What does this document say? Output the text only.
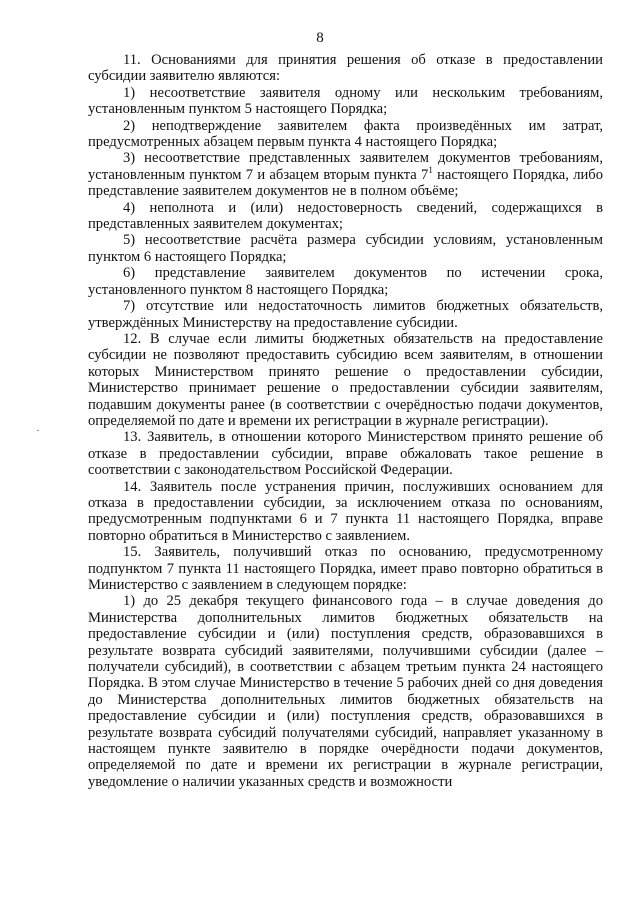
8

11. Основаниями для принятия решения об отказе в предоставлении субсидии заявителю являются:

1) несоответствие заявителя одному или нескольким требованиям, установленным пунктом 5 настоящего Порядка;

2) неподтверждение заявителем факта произведённых им затрат, предусмотренных абзацем первым пункта 4 настоящего Порядка;

3) несоответствие представленных заявителем документов требованиям, установленным пунктом 7 и абзацем вторым пункта $7^1$ настоящего Порядка, либо представление заявителем документов не в полном объёме;

4) неполнота и (или) недостоверность сведений, содержащихся в представленных заявителем документах;

5) несоответствие расчёта размера субсидии условиям, установленным пунктом 6 настоящего Порядка;

6) представление заявителем документов по истечении срока, установленного пунктом 8 настоящего Порядка;

7) отсутствие или недостаточность лимитов бюджетных обязательств, утверждённых Министерству на предоставление субсидии.

12. В случае если лимиты бюджетных обязательств на предоставление субсидии не позволяют предоставить субсидию всем заявителям, в отношении которых Министерством принято решение о предоставлении субсидии, Министерство принимает решение о предоставлении субсидии заявителям, подавшим документы ранее (в соответствии с очерёдностью подачи документов, определяемой по дате и времени их регистрации в журнале регистрации).

13. Заявитель, в отношении которого Министерством принято решение об отказе в предоставлении субсидии, вправе обжаловать такое решение в соответствии с законодательством Российской Федерации.

14. Заявитель после устранения причин, послуживших основанием для отказа в предоставлении субсидии, за исключением отказа по основаниям, предусмотренным подпунктами 6 и 7 пункта 11 настоящего Порядка, вправе повторно обратиться в Министерство с заявлением.

15. Заявитель, получивший отказ по основанию, предусмотренному подпунктом 7 пункта 11 настоящего Порядка, имеет право повторно обратиться в Министерство с заявлением в следующем порядке:

1) до 25 декабря текущего финансового года – в случае доведения до Министерства дополнительных лимитов бюджетных обязательств на предоставление субсидии и (или) поступления средств, образовавшихся в результате возврата субсидий заявителями, получившими субсидии (далее – получатели субсидий), в соответствии с абзацем третьим пункта 24 настоящего Порядка. В этом случае Министерство в течение 5 рабочих дней со дня доведения до Министерства дополнительных лимитов бюджетных обязательств на предоставление субсидии и (или) поступления средств, образовавшихся в результате возврата субсидий получателями субсидий, направляет указанному в настоящем пункте заявителю в порядке очерёдности подачи документов, определяемой по дате и времени их регистрации в журнале регистрации, уведомление о наличии указанных средств и возможности
